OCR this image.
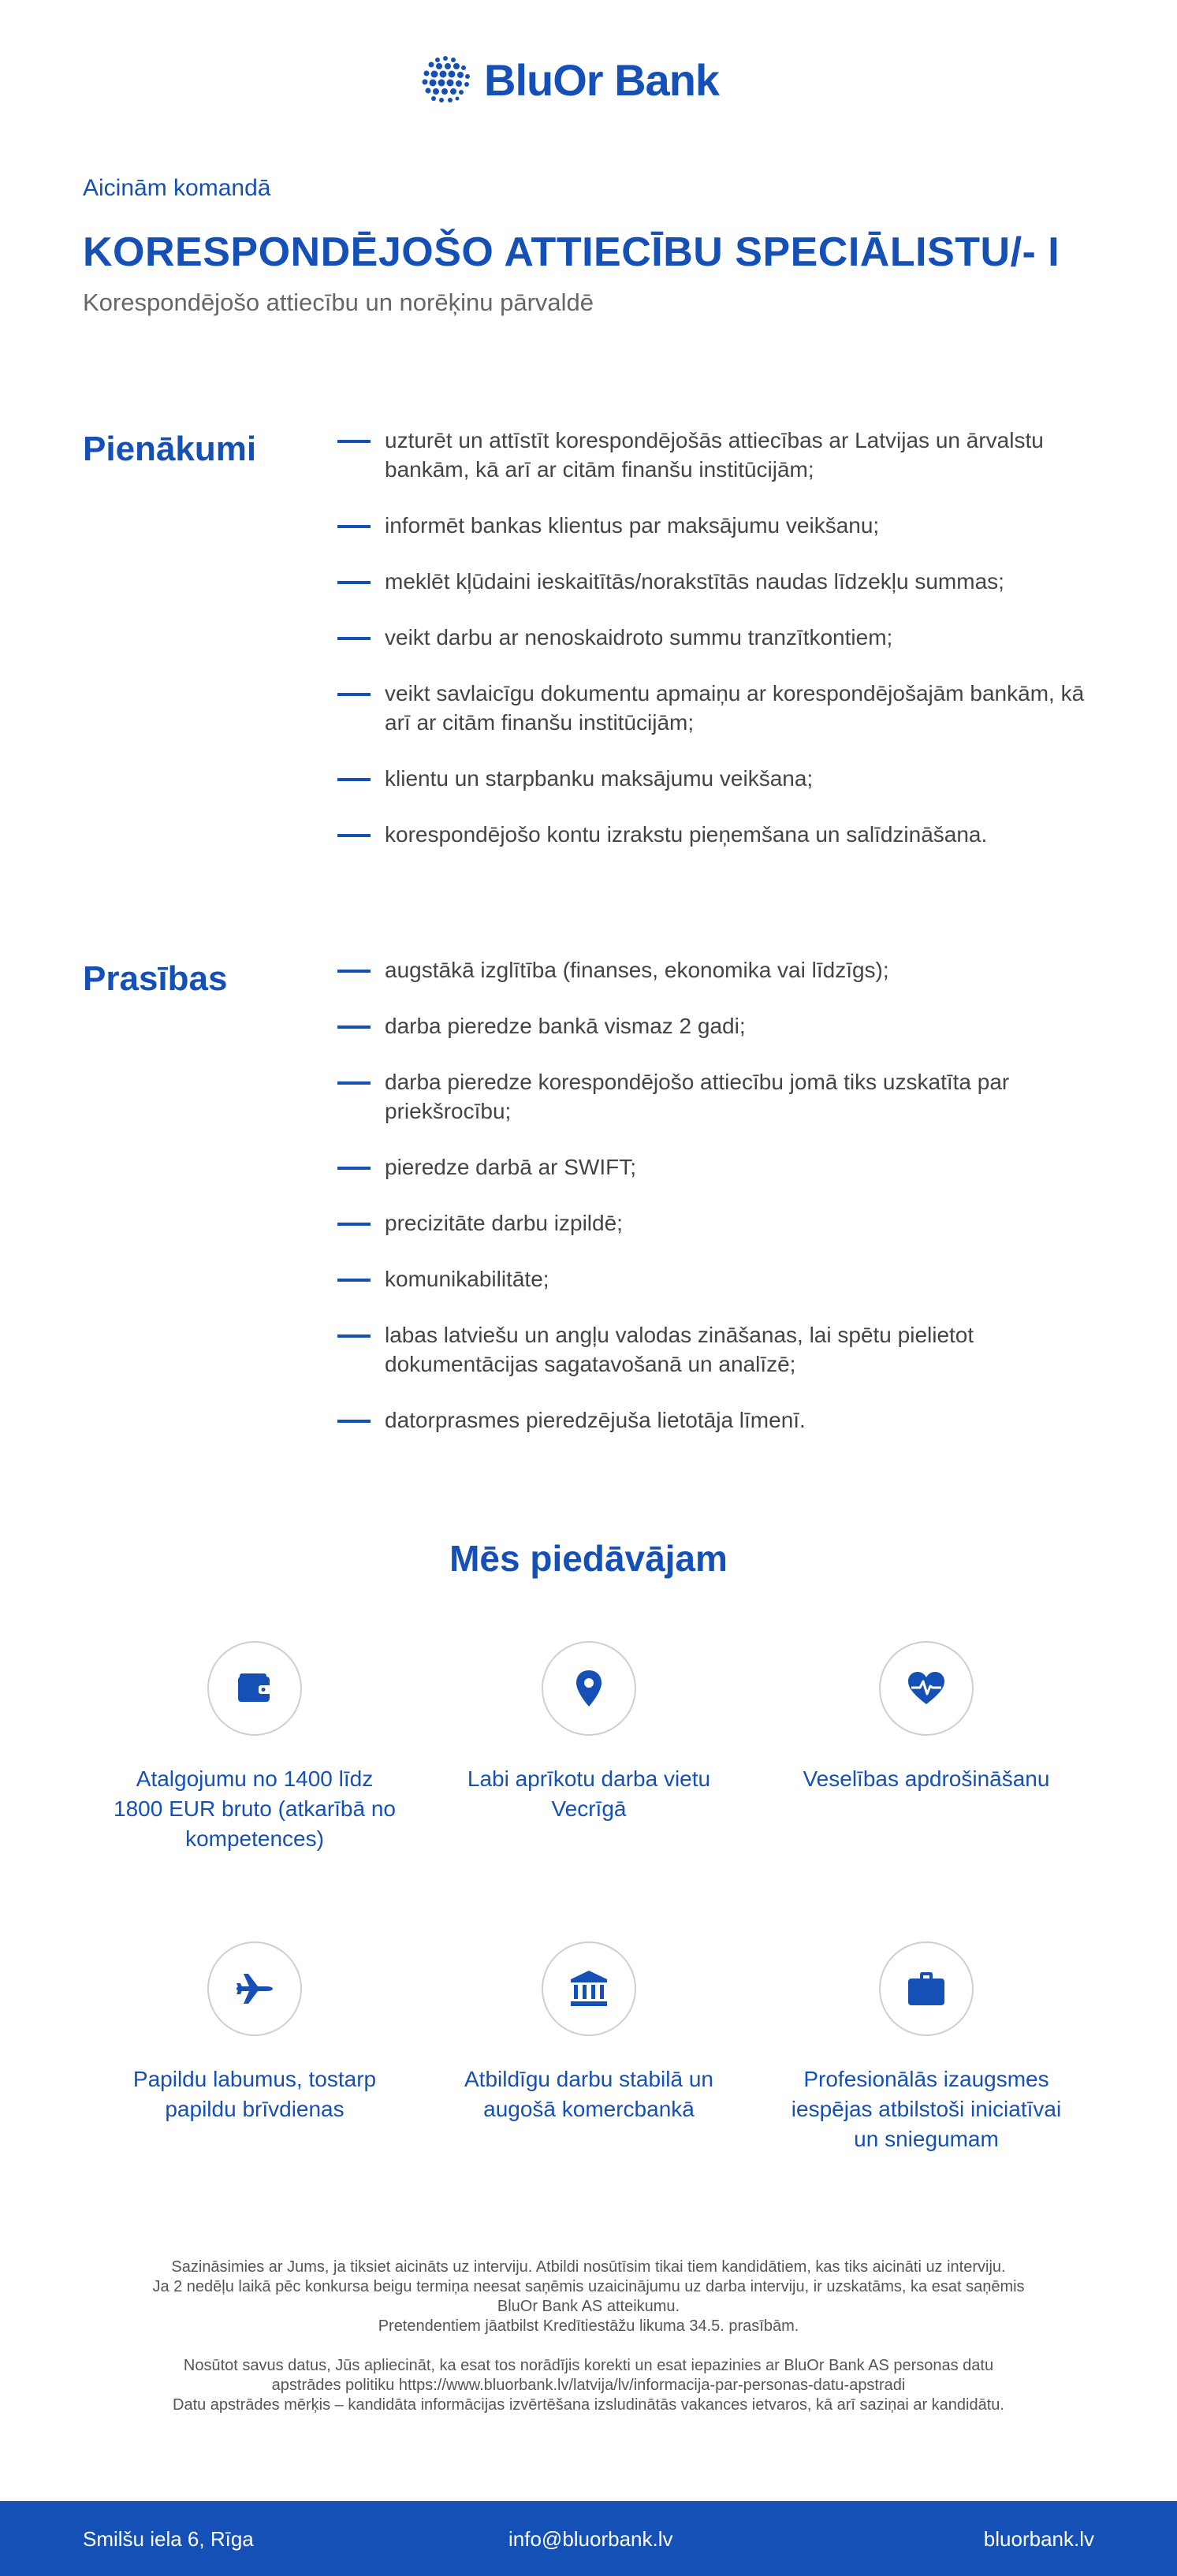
BluOr Bank
Aicinām komandā
KORESPONDĒJOŠO ATTIECĪBU SPECIĀLISTU/- I
Korespondējošo attiecību un norēķinu pārvaldē
Pienākumi	uzturēt un attīstīt korespondējošās attiecības ar Latvijas un ārvalstu bankām, kā arī ar citām finanšu institūcijām;
informēt bankas klientus par maksājumu veikšanu;
meklēt kļūdaini ieskaitītās/norakstītās naudas līdzekļu summas;
veikt darbu ar nenoskaidroto summu tranzītkontiem;
veikt savlaicīgu dokumentu apmaiņu ar korespondējošajām bankām, kā arī ar citām finanšu institūcijām;
klientu un starpbanku maksājumu veikšana;
korespondējošo kontu izrakstu pieņemšana un salīdzināšana.
Prasības	augstākā izglītība (finanses, ekonomika vai līdzīgs);
darba pieredze bankā vismaz 2 gadi;
darba pieredze korespondējošo attiecību jomā tiks uzskatīta par priekšrocību;
pieredze darbā ar SWIFT;
precizitāte darbu izpildē;
komunikabilitāte;
labas latviešu un angļu valodas zināšanas, lai spētu pielietot dokumentācijas sagatavošanā un analīzē;
datorprasmes pieredzējuša lietotāja līmenī.
Mēs piedāvājam
Atalgojumu no 1400 līdz 1800 EUR bruto (atkarībā no kompetences)
Labi aprīkotu darba vietu Vecrīgā
Veselības apdrošināšanu
Papildu labumus, tostarp papildu brīvdienas
Atbildīgu darbu stabilā un augošā komercbankā
Profesionālās izaugsmes iespējas atbilstoši iniciatīvai un sniegumam

Sazināsimies ar Jums, ja tiksiet aicināts uz interviju. Atbildi nosūtīsim tikai tiem kandidātiem, kas tiks aicināti uz interviju.

Ja 2 nedēļu laikā pēc konkursa beigu termiņa neesat saņēmis uzaicinājumu uz darba interviju, ir uzskatāms, ka esat saņēmis

BluOr Bank AS atteikumu.

Pretendentiem jāatbilst Kredītiestāžu likuma 34.5. prasībām.

Nosūtot savus datus, Jūs apliecināt, ka esat tos norādījis korekti un esat iepazinies ar BluOr Bank AS personas datu

apstrādes politiku https://www.bluorbank.lv/latvija/lv/informacija-par-personas-datu-apstradi

Datu apstrādes mērķis – kandidāta informācijas izvērtēšana izsludinātās vakances ietvaros, kā arī saziņai ar kandidātu.

Smilšu iela 6, Rīga	info@bluorbank.lv	bluorbank.lv
